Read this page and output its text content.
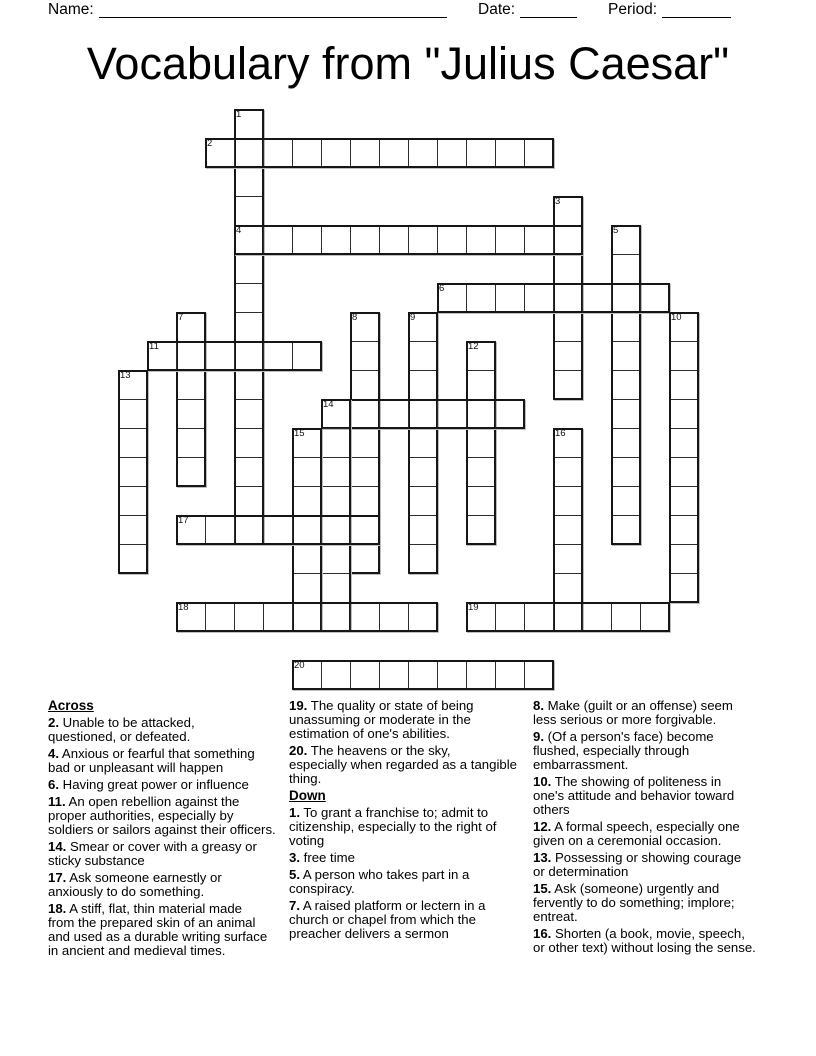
Name:	Date:	Period:
Vocabulary from "Julius Caesar"
1
2
3
4	5
6
7	8	9	10
11	12
13
14
15	16
17
18	19
20
Across
2. Unable to be attacked,
questioned, or defeated.
4. Anxious or fearful that something
bad or unpleasant will happen
6. Having great power or influence
11. An open rebellion against the
proper authorities, especially by
soldiers or sailors against their officers.
14. Smear or cover with a greasy or
sticky substance
17. Ask someone earnestly or
anxiously to do something.
18. A stiff, flat, thin material made
from the prepared skin of an animal
and used as a durable writing surface
in ancient and medieval times.
19. The quality or state of being
unassuming or moderate in the
estimation of one's abilities.
20. The heavens or the sky,
especially when regarded as a tangible
thing.
Down
1. To grant a franchise to; admit to
citizenship, especially to the right of
voting
3. free time
5. A person who takes part in a
conspiracy.
7. A raised platform or lectern in a
church or chapel from which the
preacher delivers a sermon
8. Make (guilt or an offense) seem
less serious or more forgivable.
9. (Of a person's face) become
flushed, especially through
embarrassment.
10. The showing of politeness in
one's attitude and behavior toward
others
12. A formal speech, especially one
given on a ceremonial occasion.
13. Possessing or showing courage
or determination
15. Ask (someone) urgently and
fervently to do something; implore;
entreat.
16. Shorten (a book, movie, speech,
or other text) without losing the sense.
